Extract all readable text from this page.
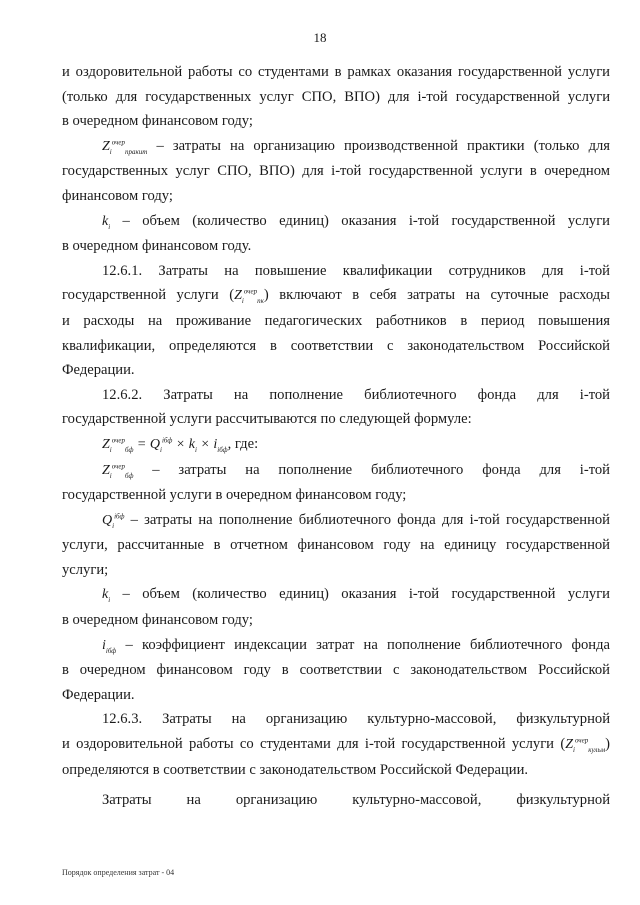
18

и оздоровительной работы со студентами в рамках оказания государственной услуги

(только для государственных услуг СПО, ВПО) для i-той государственной услуги

в очередном финансовом году;

$Z_i^{очер}_{пракит}$ – затраты на организацию производственной практики (только для

государственных услуг СПО, ВПО) для i-той государственной услуги в очередном

финансовом году;

$k_i$ – объем (количество единиц) оказания i-той государственной услуги

в очередном финансовом году.

12.6.1. Затраты на повышение квалификации сотрудников для i-той

государственной услуги $(Z_i^{очер}_{пк})$ включают в себя затраты на суточные расходы

и расходы на проживание педагогических работников в период повышения

квалификации, определяются в соответствии с законодательством Российской

Федерации.

12.6.2. Затраты на пополнение библиотечного фонда для i-той

государственной услуги рассчитываются по следующей формуле:

$Z_i^{очер}_{бф} = Q_i^{iбф} \times k_i \times i_{iбф}$, где:

$Z_i^{очер}_{бф}$ – затраты на пополнение библиотечного фонда для i-той

государственной услуги в очередном финансовом году;

$Q_i^{iбф}$ – затраты на пополнение библиотечного фонда для i-той государственной

услуги, рассчитанные в отчетном финансовом году на единицу государственной

услуги;

$k_i$ – объем (количество единиц) оказания i-той государственной услуги

в очередном финансовом году;

$i_{iбф}$ – коэффициент индексации затрат на пополнение библиотечного фонда

в очередном финансовом году в соответствии с законодательством Российской

Федерации.

12.6.3. Затраты на организацию культурно-массовой, физкультурной

и оздоровительной работы со студентами для i-той государственной услуги $(Z_i^{очер}_{кульм})$

определяются в соответствии с законодательством Российской Федерации.

Затраты на организацию культурно-массовой, физкультурной

Порядок определения затрат - 04
